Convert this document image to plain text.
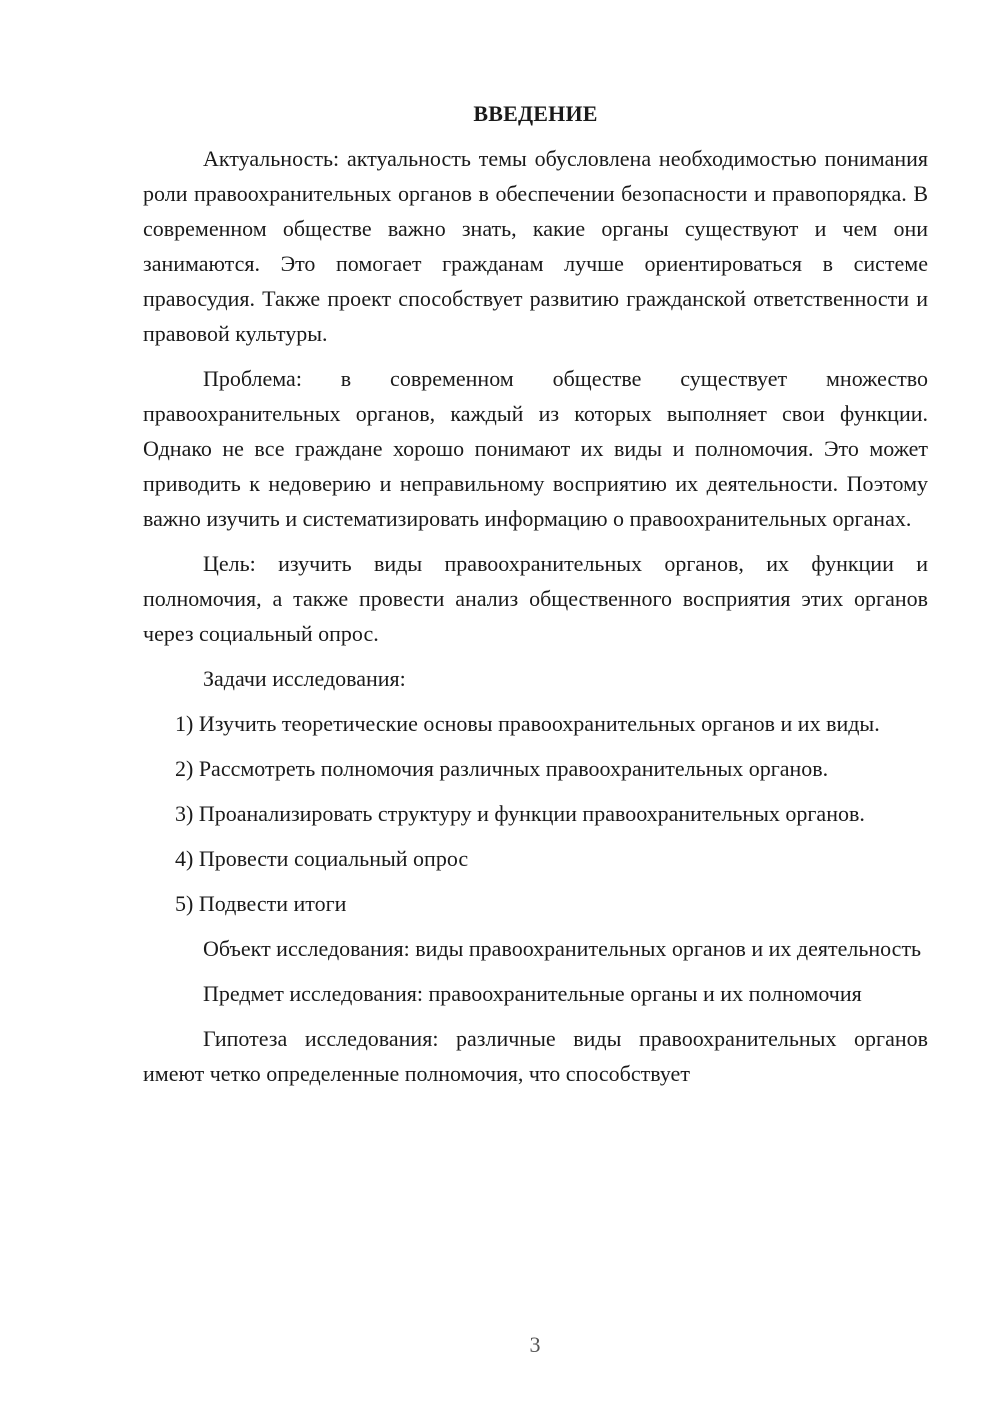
ВВЕДЕНИЕ

Актуальность: актуальность темы обусловлена необходимостью понимания роли правоохранительных органов в обеспечении безопасности и правопорядка. В современном обществе важно знать, какие органы существуют и чем они занимаются. Это помогает гражданам лучше ориентироваться в системе правосудия. Также проект способствует развитию гражданской ответственности и правовой культуры.

Проблема: в современном обществе существует множество правоохранительных органов, каждый из которых выполняет свои функции. Однако не все граждане хорошо понимают их виды и полномочия. Это может приводить к недоверию и неправильному восприятию их деятельности. Поэтому важно изучить и систематизировать информацию о правоохранительных органах.

Цель: изучить виды правоохранительных органов, их функции и полномочия, а также провести анализ общественного восприятия этих органов через социальный опрос.

Задачи исследования:

1) Изучить теоретические основы правоохранительных органов и их виды.

2) Рассмотреть полномочия различных правоохранительных органов.

3) Проанализировать структуру и функции правоохранительных органов.

4) Провести социальный опрос

5) Подвести итоги

Объект исследования: виды правоохранительных органов и их деятельность

Предмет исследования: правоохранительные органы и их полномочия

Гипотеза исследования: различные виды правоохранительных органов имеют четко определенные полномочия, что способствует

3
